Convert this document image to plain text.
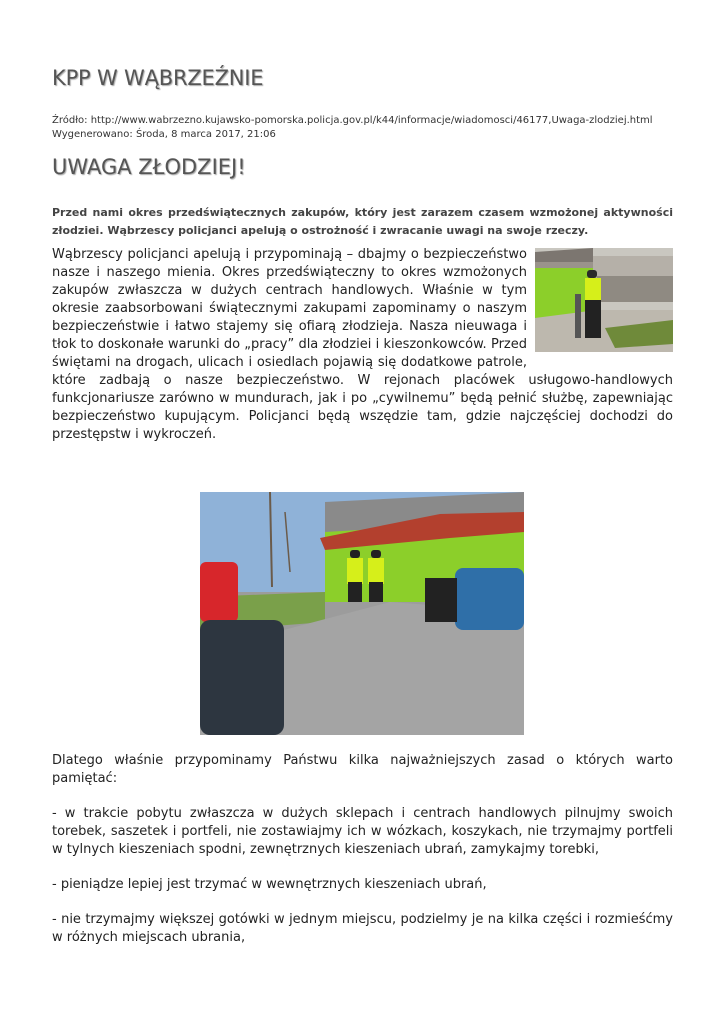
KPP W WĄBRZEŹNIE
Źródło: http://www.wabrzezno.kujawsko-pomorska.policja.gov.pl/k44/informacje/wiadomosci/46177,Uwaga-zlodziej.html
Wygenerowano: Środa, 8 marca 2017, 21:06
UWAGA ZŁODZIEJ!

Przed nami okres przedświątecznych zakupów, który jest zarazem czasem wzmożonej aktywności złodziei. Wąbrzescy policjanci apelują o ostrożność i zwracanie uwagi na swoje rzeczy.

Wąbrzescy policjanci apelują i przypominają – dbajmy o bezpieczeństwo nasze i naszego mienia. Okres przedświąteczny to okres wzmożonych zakupów zwłaszcza w dużych centrach handlowych. Właśnie w tym okresie zaabsorbowani świątecznymi zakupami zapominamy o naszym bezpieczeństwie i łatwo stajemy się ofiarą złodzieja. Nasza nieuwaga i tłok to doskonałe warunki do „pracy” dla złodziei i kieszonkowców. Przed świętami na drogach, ulicach i osiedlach pojawią się dodatkowe patrole, które zadbają o nasze bezpieczeństwo. W rejonach placówek usługowo-handlowych funkcjonariusze zarówno w mundurach, jak i po „cywilnemu” będą pełnić służbę, zapewniając bezpieczeństwo kupującym. Policjanci będą wszędzie tam, gdzie najczęściej dochodzi do przestępstw i wykroczeń.

Dlatego właśnie przypominamy Państwu kilka najważniejszych zasad o których warto pamiętać:

- w trakcie pobytu zwłaszcza w dużych sklepach i centrach handlowych pilnujmy swoich torebek, saszetek i portfeli, nie zostawiajmy ich w wózkach, koszykach, nie trzymajmy portfeli w tylnych kieszeniach spodni, zewnętrznych kieszeniach ubrań, zamykajmy torebki,

- pieniądze lepiej jest trzymać w wewnętrznych kieszeniach ubrań,

- nie trzymajmy większej gotówki w jednym miejscu, podzielmy je na kilka części i rozmieśćmy w różnych miejscach ubrania,
